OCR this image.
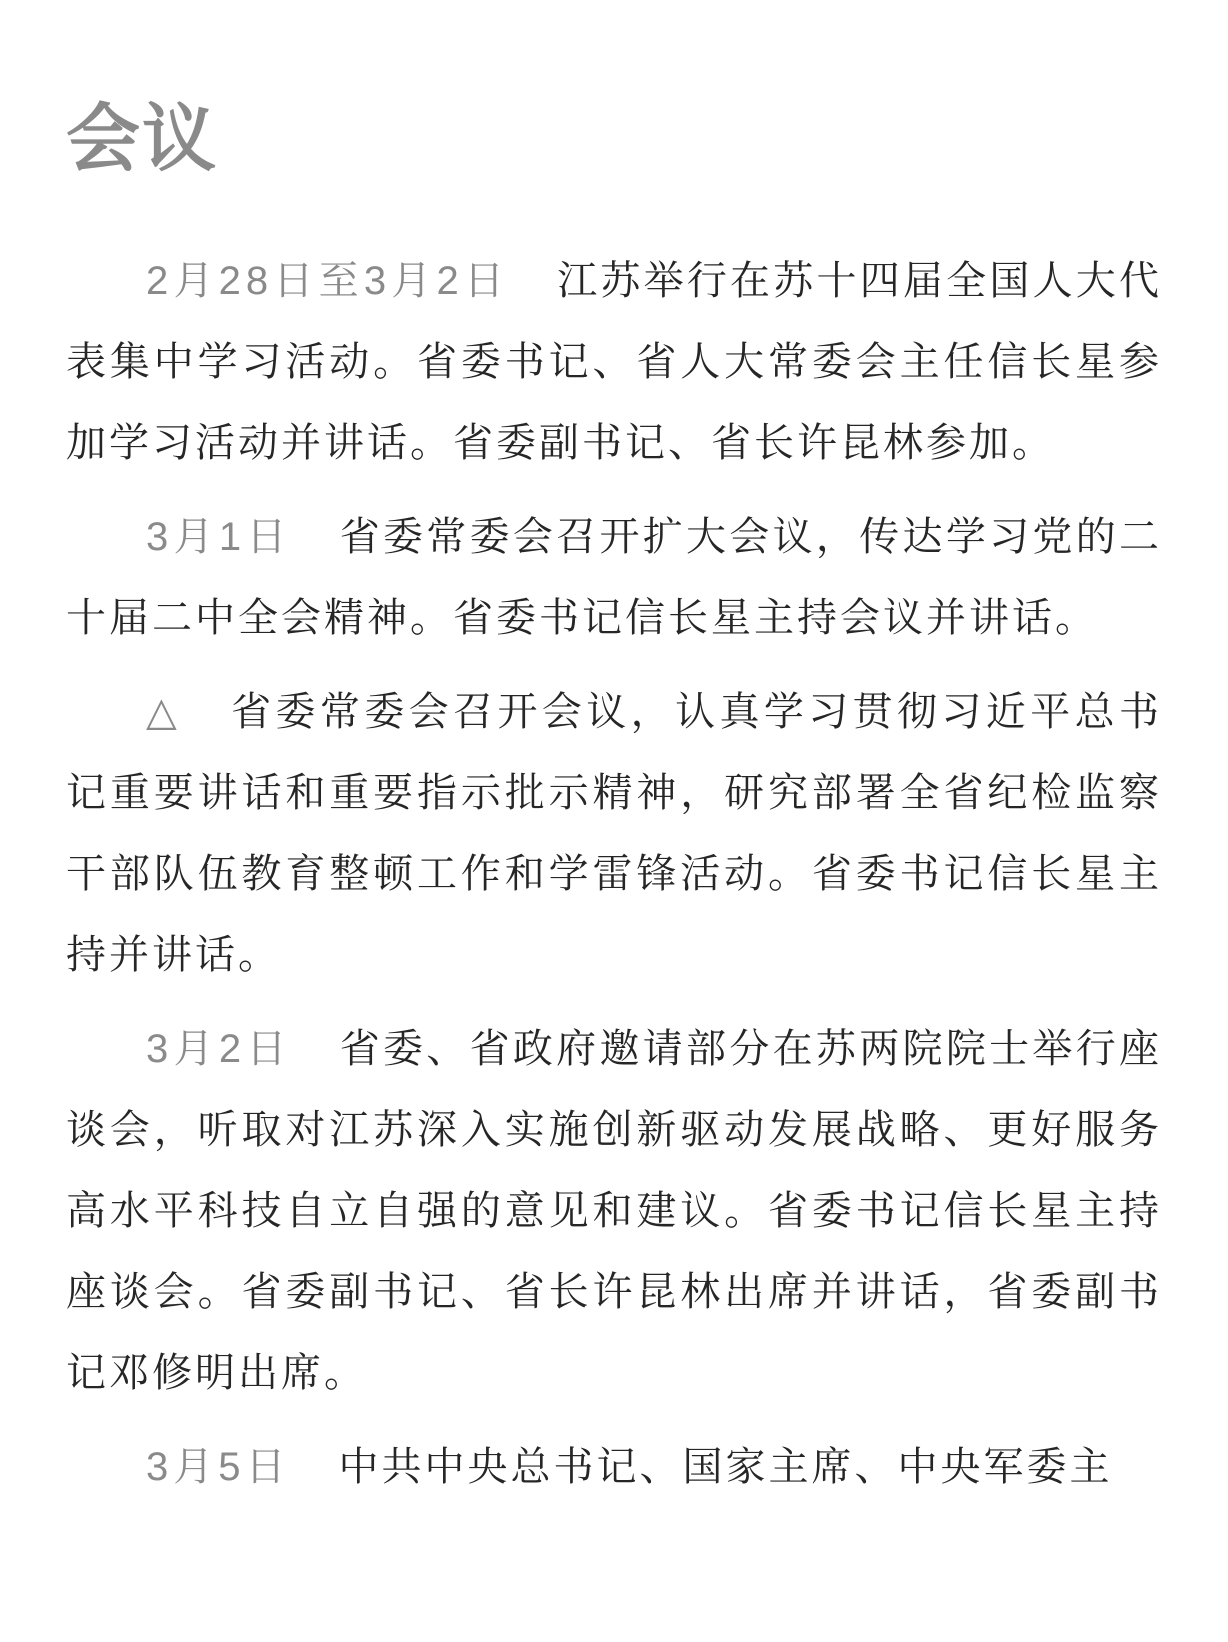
会议

2月28日至3月2日 江苏举行在苏十四届全国人大代表集中学习活动。省委书记、省人大常委会主任信长星参加学习活动并讲话。省委副书记、省长许昆林参加。

3月1日 省委常委会召开扩大会议，传达学习党的二十届二中全会精神。省委书记信长星主持会议并讲话。

△ 省委常委会召开会议，认真学习贯彻习近平总书记重要讲话和重要指示批示精神，研究部署全省纪检监察干部队伍教育整顿工作和学雷锋活动。省委书记信长星主持并讲话。

3月2日 省委、省政府邀请部分在苏两院院士举行座谈会，听取对江苏深入实施创新驱动发展战略、更好服务高水平科技自立自强的意见和建议。省委书记信长星主持座谈会。省委副书记、省长许昆林出席并讲话，省委副书记邓修明出席。

3月5日 中共中央总书记、国家主席、中央军委主
